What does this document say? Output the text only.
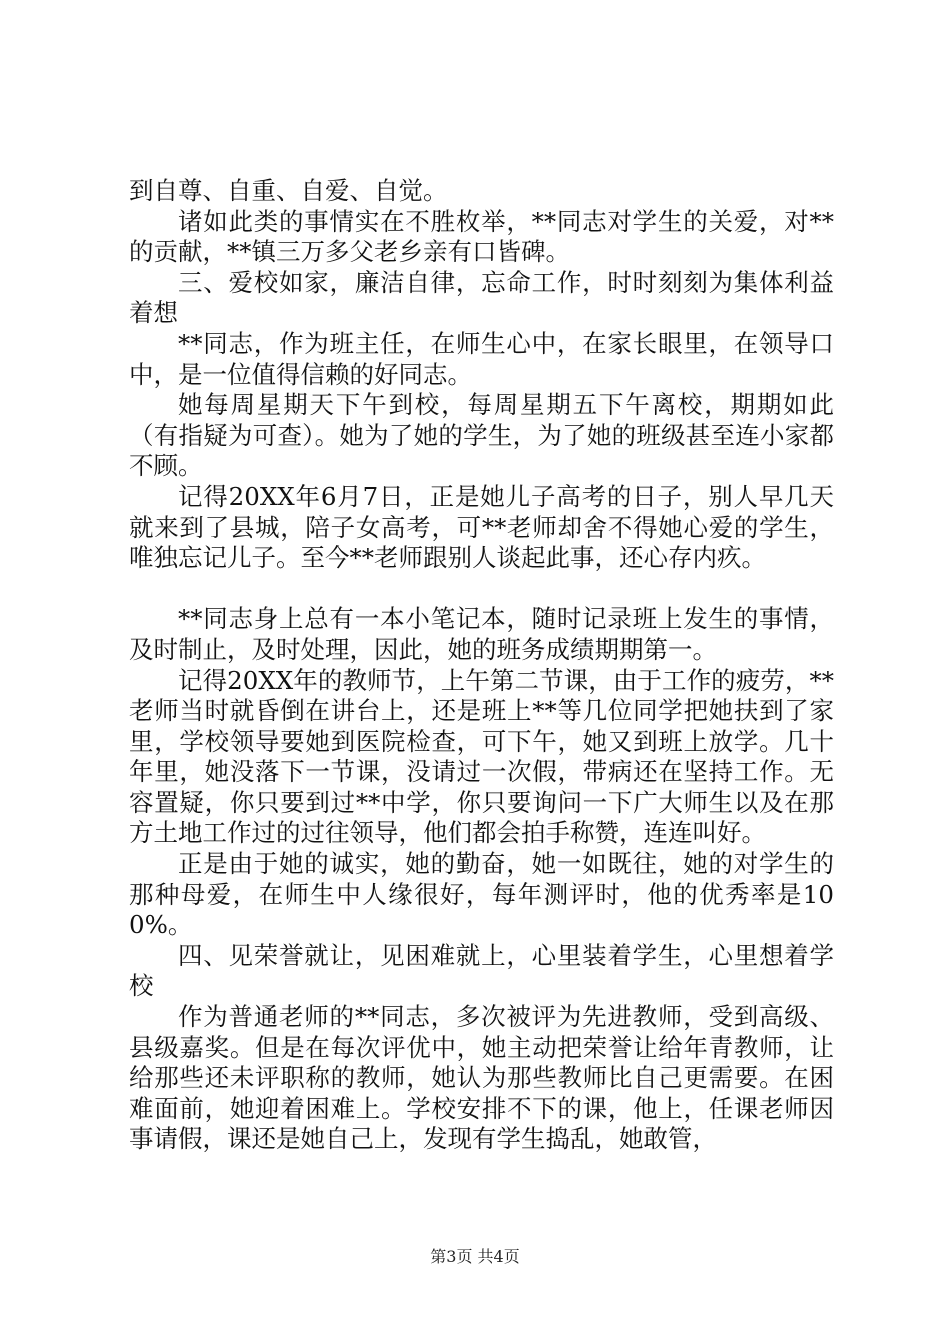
到自尊、自重、自爱、自觉。

诸如此类的事情实在不胜枚举，**同志对学生的关爱，对**的贡献，**镇三万多父老乡亲有口皆碑。

三、爱校如家，廉洁自律，忘命工作，时时刻刻为集体利益着想

**同志，作为班主任，在师生心中，在家长眼里，在领导口中，是一位值得信赖的好同志。

她每周星期天下午到校，每周星期五下午离校，期期如此（有指疑为可查）。她为了她的学生，为了她的班级甚至连小家都不顾。

记得20XX年6月7日，正是她儿子高考的日子，别人早几天就来到了县城，陪子女高考，可**老师却舍不得她心爱的学生，唯独忘记儿子。至今**老师跟别人谈起此事，还心存内疚。

**同志身上总有一本小笔记本，随时记录班上发生的事情，及时制止，及时处理，因此，她的班务成绩期期第一。

记得20XX年的教师节，上午第二节课，由于工作的疲劳，**老师当时就昏倒在讲台上，还是班上**等几位同学把她扶到了家里，学校领导要她到医院检查，可下午，她又到班上放学。几十年里，她没落下一节课，没请过一次假，带病还在坚持工作。无容置疑，你只要到过**中学，你只要询问一下广大师生以及在那方土地工作过的过往领导，他们都会拍手称赞，连连叫好。

正是由于她的诚实，她的勤奋，她一如既往，她的对学生的那种母爱，在师生中人缘很好，每年测评时，他的优秀率是100%。

四、见荣誉就让，见困难就上，心里装着学生，心里想着学校

作为普通老师的**同志，多次被评为先进教师，受到高级、县级嘉奖。但是在每次评优中，她主动把荣誉让给年青教师，让给那些还未评职称的教师，她认为那些教师比自己更需要。在困难面前，她迎着困难上。学校安排不下的课，他上，任课老师因事请假，课还是她自己上，发现有学生捣乱，她敢管，

第3页 共4页
